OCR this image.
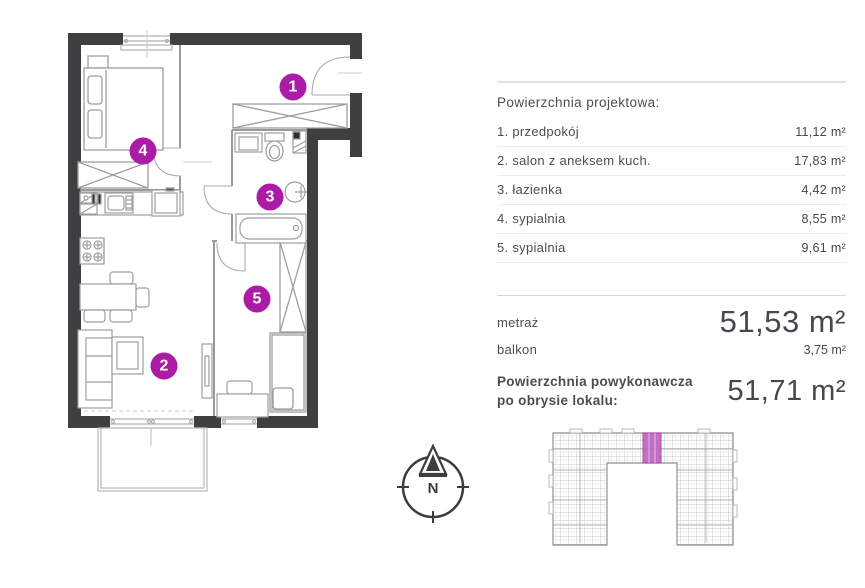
N
1
2
3
4
5
Powierzchnia projektowa:
1. przedpokój	11,12 m²
2. salon z aneksem kuch.	17,83 m²
3. łazienka	4,42 m²
4. sypialnia	8,55 m²
5. sypialnia	9,61 m²
metraż	51,53 m²
balkon	3,75 m²
Powierzchnia powykonawcza po obrysie lokalu:	51,71 m²
